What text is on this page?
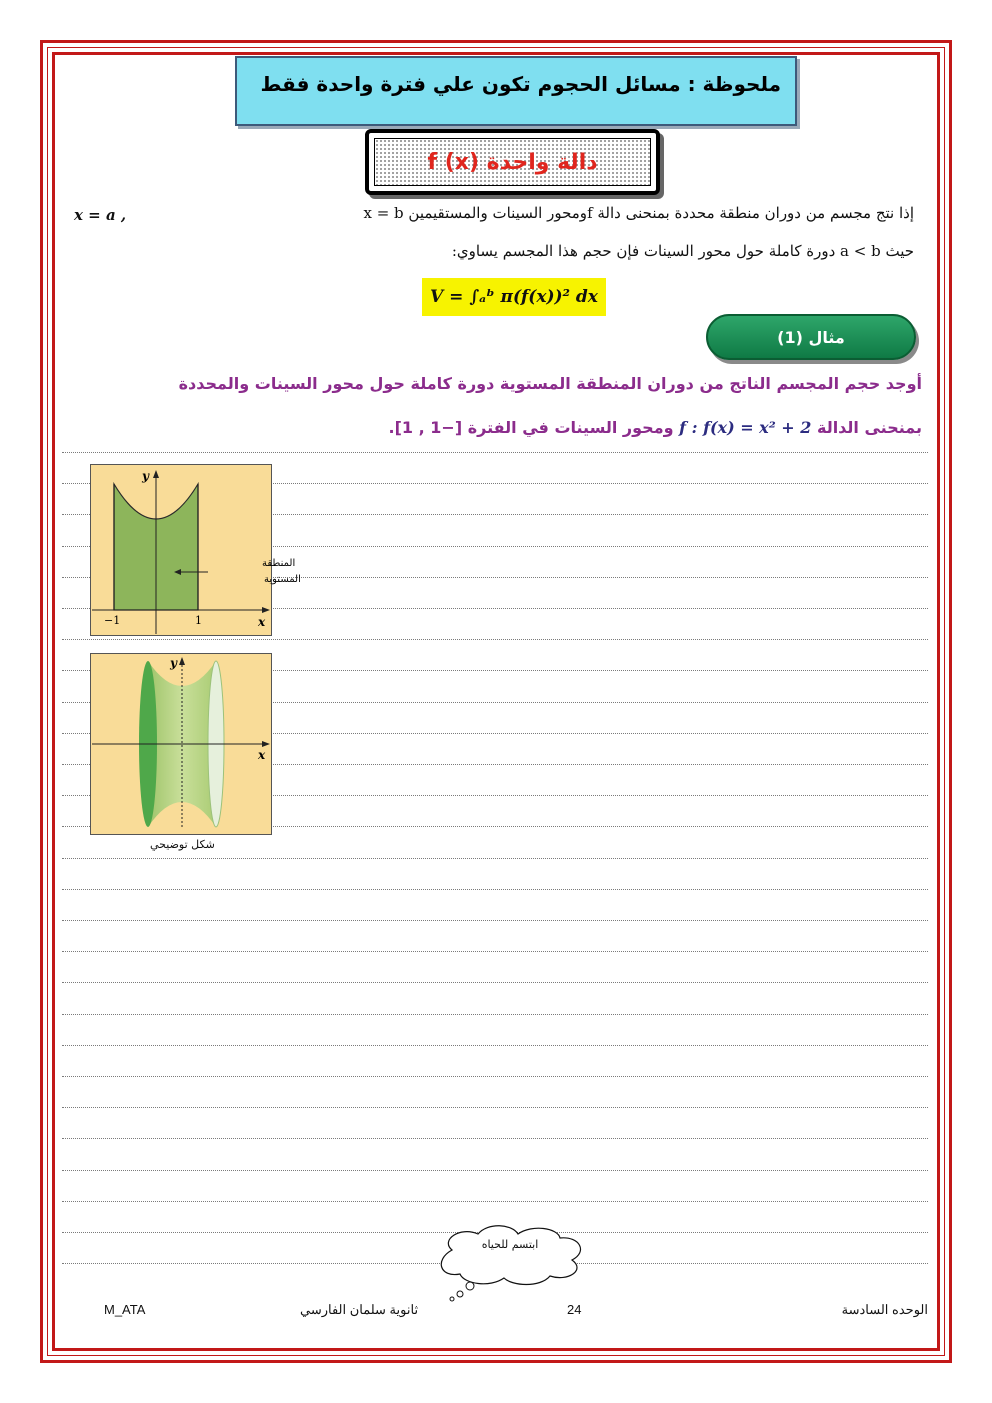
ملحوظة : مسائل الحجوم تكون علي فترة واحدة فقط
دالة واحدة (x) f
إذا نتج مجسم من دوران منطقة محددة بمنحنى دالة fومحور السينات والمستقيمين x = b
x = a ,
حيث a < b دورة كاملة حول محور السينات فإن حجم هذا المجسم يساوي:
V = ∫ₐᵇ π(f(x))² dx
مثال (1)
أوجد حجم المجسم الناتج من دوران المنطقة المستوية دورة كاملة حول محور السينات والمحددة
بمنحنى الدالة f : f(x) = x² + 2 ومحور السينات في الفترة [−1 , 1].
y
x
−1	1
المنطقة
المستوية
y
x
شكل توضيحي
ابتسم للحياه
M_ATA	ثانوية سلمان الفارسي	24	الوحده السادسة
